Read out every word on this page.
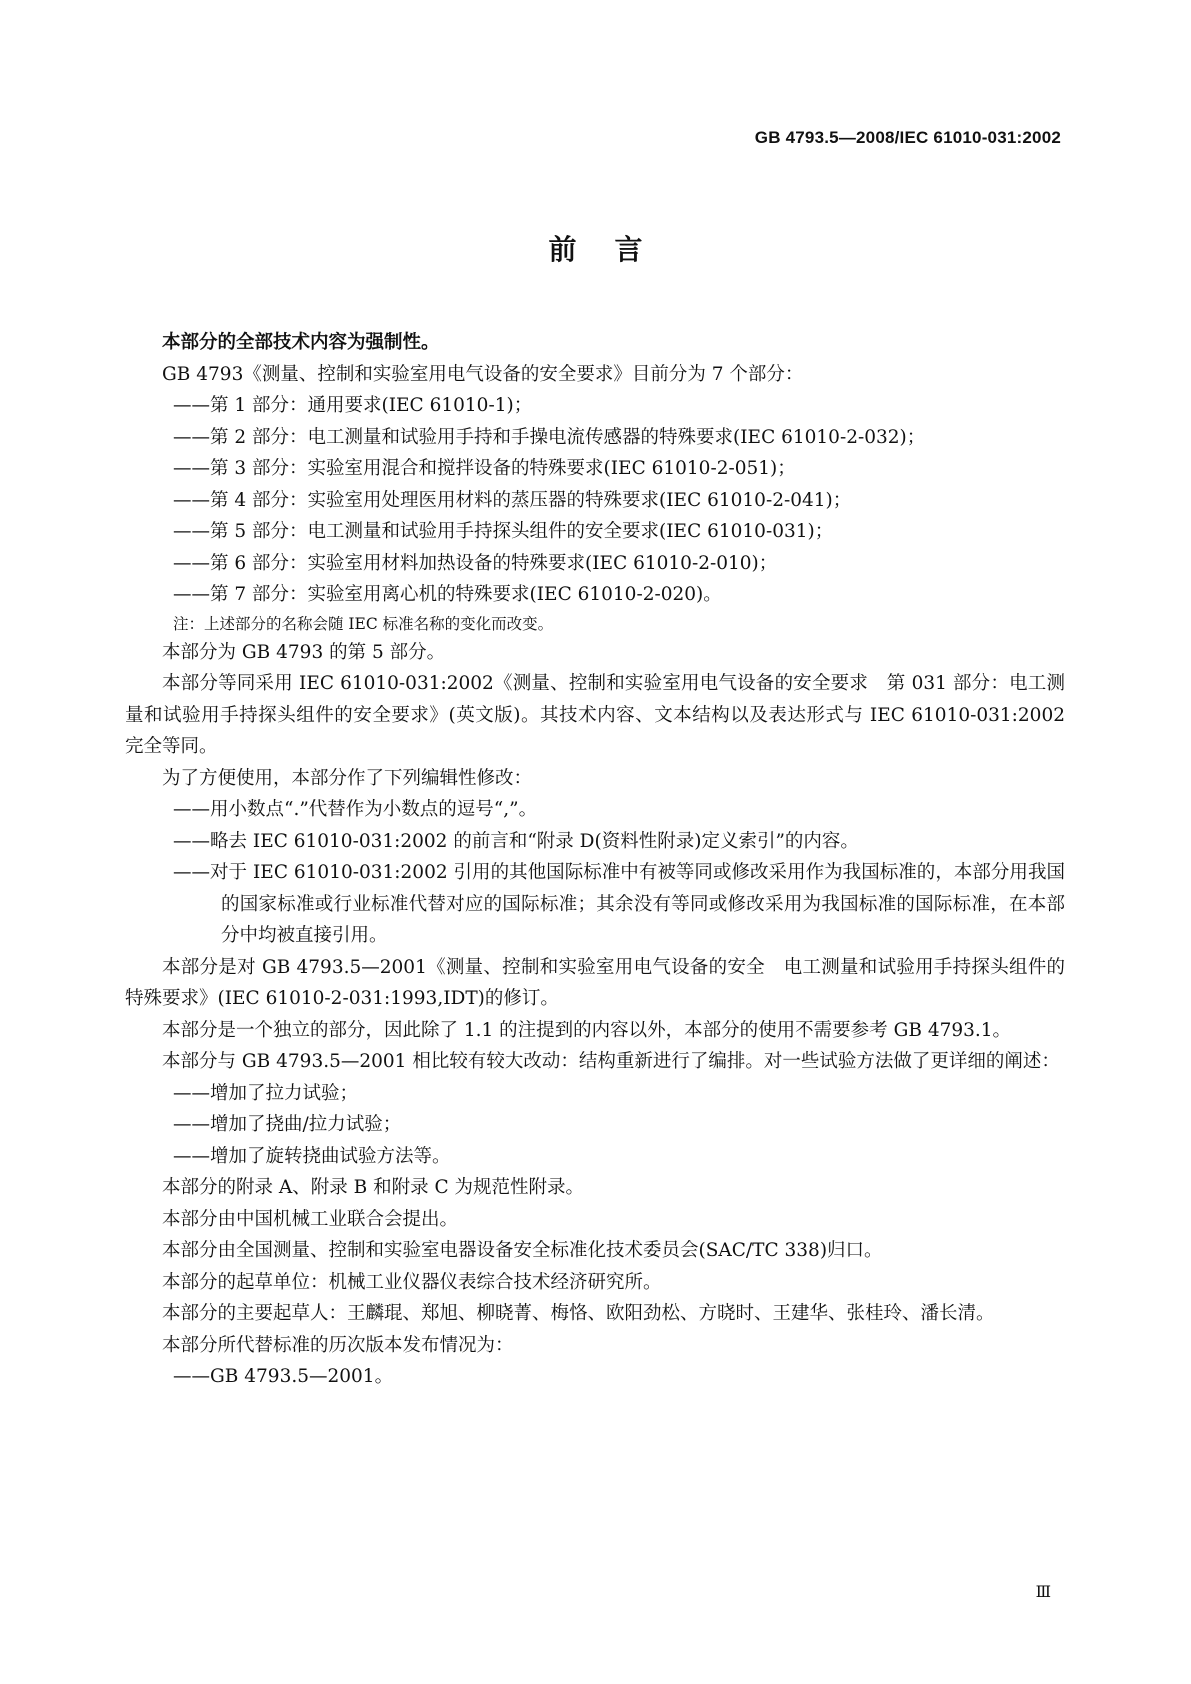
GB 4793.5—2008/IEC 61010-031:2002
前言

本部分的全部技术内容为强制性。

GB 4793《测量、控制和实验室用电气设备的安全要求》目前分为 7 个部分：

——第 1 部分：通用要求(IEC 61010-1)；

——第 2 部分：电工测量和试验用手持和手操电流传感器的特殊要求(IEC 61010-2-032)；

——第 3 部分：实验室用混合和搅拌设备的特殊要求(IEC 61010-2-051)；

——第 4 部分：实验室用处理医用材料的蒸压器的特殊要求(IEC 61010-2-041)；

——第 5 部分：电工测量和试验用手持探头组件的安全要求(IEC 61010-031)；

——第 6 部分：实验室用材料加热设备的特殊要求(IEC 61010-2-010)；

——第 7 部分：实验室用离心机的特殊要求(IEC 61010-2-020)。

注：上述部分的名称会随 IEC 标准名称的变化而改变。

本部分为 GB 4793 的第 5 部分。

本部分等同采用 IEC 61010-031:2002《测量、控制和实验室用电气设备的安全要求　第 031 部分：电工测量和试验用手持探头组件的安全要求》(英文版)。其技术内容、文本结构以及表达形式与 IEC 61010-031:2002 完全等同。

为了方便使用，本部分作了下列编辑性修改：

——用小数点“.”代替作为小数点的逗号“,”。

——略去 IEC 61010-031:2002 的前言和“附录 D(资料性附录)定义索引”的内容。

——对于 IEC 61010-031:2002 引用的其他国际标准中有被等同或修改采用作为我国标准的，本部分用我国的国家标准或行业标准代替对应的国际标准；其余没有等同或修改采用为我国标准的国际标准，在本部分中均被直接引用。

本部分是对 GB 4793.5—2001《测量、控制和实验室用电气设备的安全　电工测量和试验用手持探头组件的特殊要求》(IEC 61010-2-031:1993,IDT)的修订。

本部分是一个独立的部分，因此除了 1.1 的注提到的内容以外，本部分的使用不需要参考 GB 4793.1。

本部分与 GB 4793.5—2001 相比较有较大改动：结构重新进行了编排。对一些试验方法做了更详细的阐述：

——增加了拉力试验；

——增加了挠曲/拉力试验；

——增加了旋转挠曲试验方法等。

本部分的附录 A、附录 B 和附录 C 为规范性附录。

本部分由中国机械工业联合会提出。

本部分由全国测量、控制和实验室电器设备安全标准化技术委员会(SAC/TC 338)归口。

本部分的起草单位：机械工业仪器仪表综合技术经济研究所。

本部分的主要起草人：王麟琨、郑旭、柳晓菁、梅恪、欧阳劲松、方晓时、王建华、张桂玲、潘长清。

本部分所代替标准的历次版本发布情况为：

——GB 4793.5—2001。

Ⅲ
